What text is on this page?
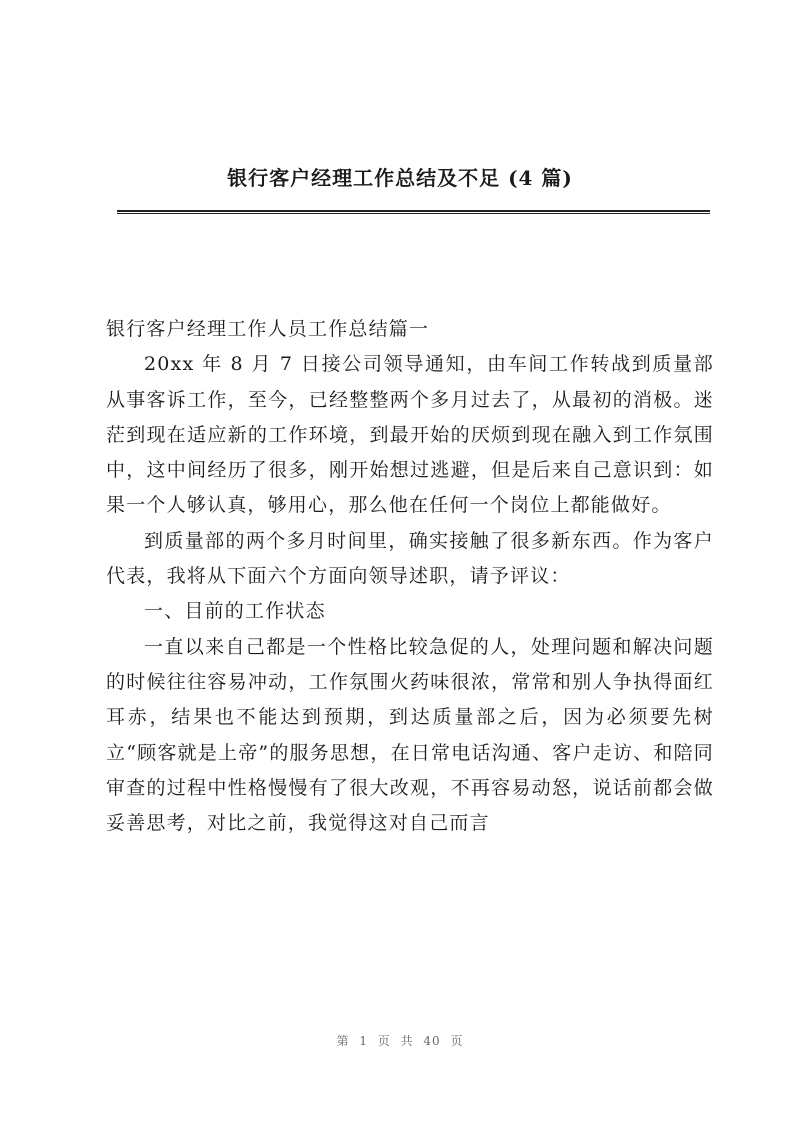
银行客户经理工作总结及不足 (4 篇)

银行客户经理工作人员工作总结篇一

20xx 年 8 月 7 日接公司领导通知，由车间工作转战到质量部从事客诉工作，至今，已经整整两个多月过去了，从最初的消极。迷茫到现在适应新的工作环境，到最开始的厌烦到现在融入到工作氛围中，这中间经历了很多，刚开始想过逃避，但是后来自己意识到：如果一个人够认真，够用心，那么他在任何一个岗位上都能做好。

到质量部的两个多月时间里，确实接触了很多新东西。作为客户代表，我将从下面六个方面向领导述职，请予评议：

一、目前的工作状态

一直以来自己都是一个性格比较急促的人，处理问题和解决问题的时候往往容易冲动，工作氛围火药味很浓，常常和别人争执得面红耳赤，结果也不能达到预期，到达质量部之后，因为必须要先树立“顾客就是上帝”的服务思想，在日常电话沟通、客户走访、和陪同审查的过程中性格慢慢有了很大改观，不再容易动怒，说话前都会做妥善思考，对比之前，我觉得这对自己而言

第 1 页 共 40 页
